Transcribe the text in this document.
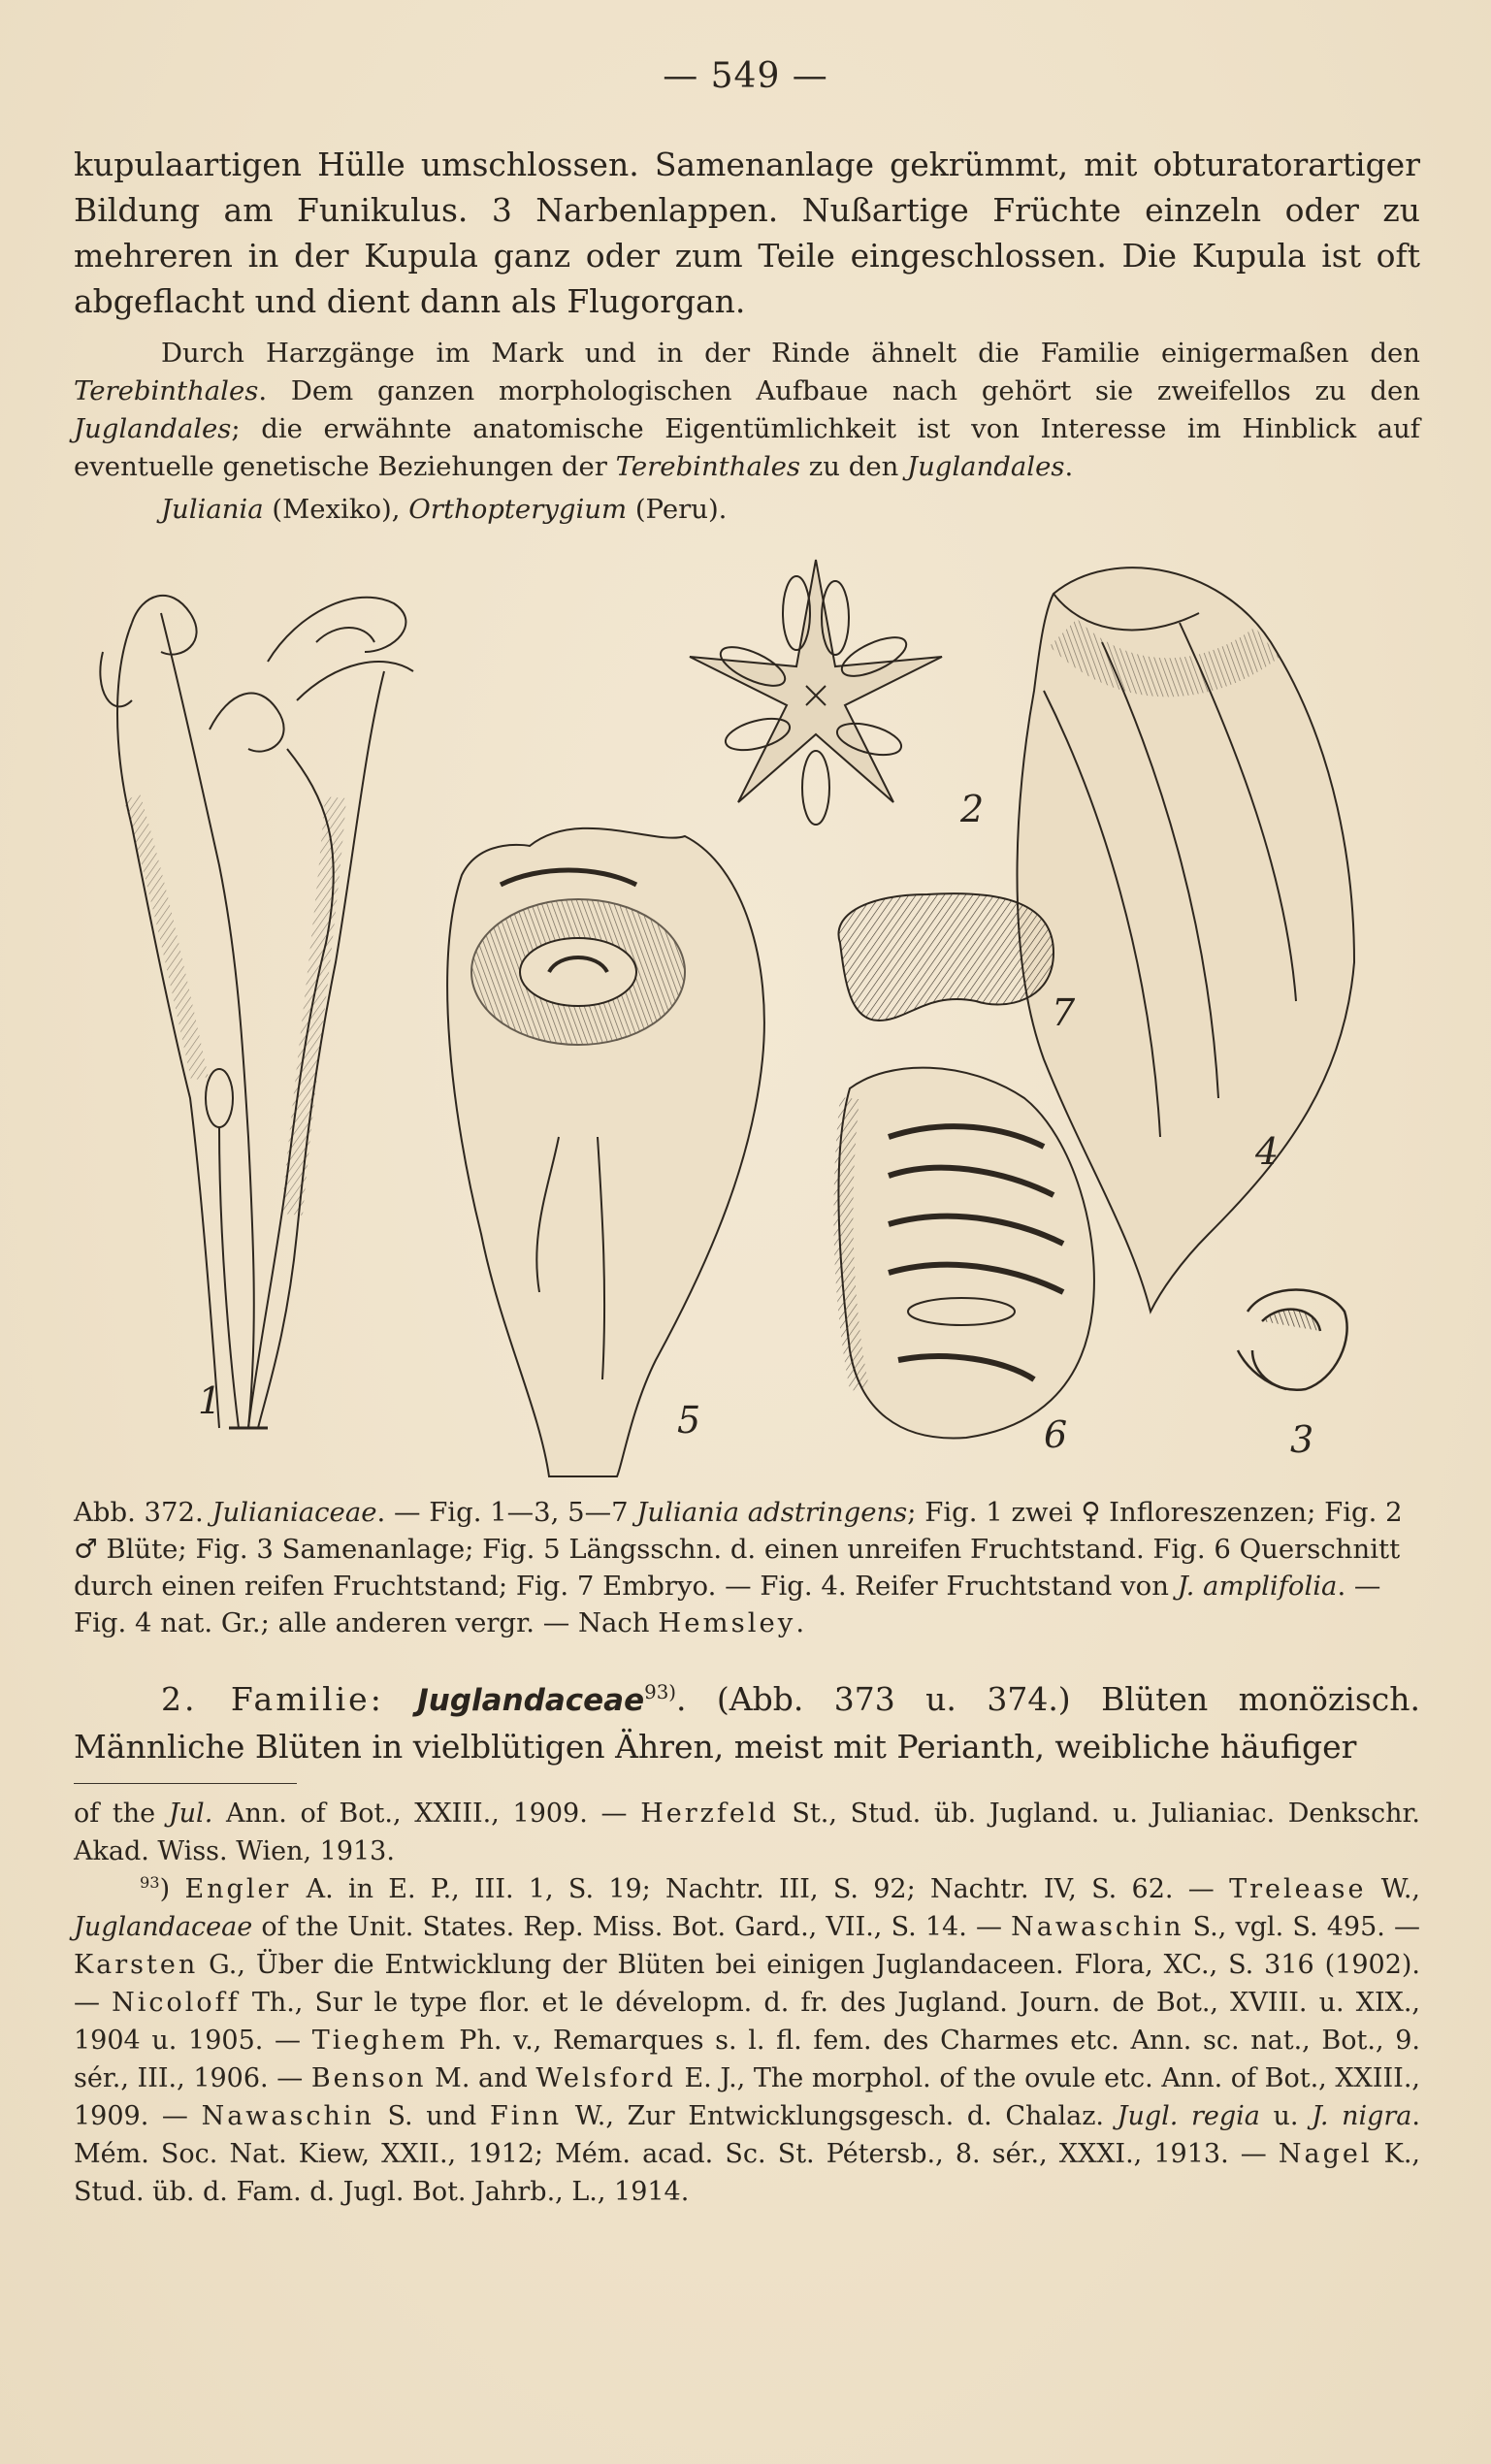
— 549 —

kupulaartigen Hülle umschlossen. Samenanlage gekrümmt, mit obturatorartiger Bildung am Funikulus. 3 Narbenlappen. Nußartige Früchte einzeln oder zu mehreren in der Kupula ganz oder zum Teile eingeschlossen. Die Kupula ist oft abgeflacht und dient dann als Flugorgan.

Durch Harzgänge im Mark und in der Rinde ähnelt die Familie einigermaßen den Terebinthales. Dem ganzen morphologischen Aufbaue nach gehört sie zweifellos zu den Juglandales; die erwähnte anatomische Eigentümlichkeit ist von Interesse im Hinblick auf eventuelle genetische Beziehungen der Terebinthales zu den Juglandales.
Juliania (Mexiko), Orthopterygium (Peru).
1
2
3
4
5	6
7

Abb. 372. Julianiaceae. — Fig. 1—3, 5—7 Juliania adstringens; Fig. 1 zwei ♀ Infloreszenzen; Fig. 2 ♂ Blüte; Fig. 3 Samenanlage; Fig. 5 Längsschn. d. einen unreifen Fruchtstand. Fig. 6 Querschnitt durch einen reifen Fruchtstand; Fig. 7 Embryo. — Fig. 4. Reifer Fruchtstand von J. amplifolia. — Fig. 4 nat. Gr.; alle anderen vergr. — Nach Hemsley.

2. Familie: Juglandaceae$^{93)}$. (Abb. 373 u. 374.) Blüten monözisch. Männliche Blüten in vielblütigen Ähren, meist mit Perianth, weibliche häufiger

of the Jul. Ann. of Bot., XXIII., 1909. — Herzfeld St., Stud. üb. Jugland. u. Julianiac. Denkschr. Akad. Wiss. Wien, 1913.

$^{93}$) Engler A. in E. P., III. 1, S. 19; Nachtr. III, S. 92; Nachtr. IV, S. 62. — Trelease W., Juglandaceae of the Unit. States. Rep. Miss. Bot. Gard., VII., S. 14. — Nawaschin S., vgl. S. 495. — Karsten G., Über die Entwicklung der Blüten bei einigen Juglandaceen. Flora, XC., S. 316 (1902). — Nicoloff Th., Sur le type flor. et le dévelopm. d. fr. des Jugland. Journ. de Bot., XVIII. u. XIX., 1904 u. 1905. — Tieghem Ph. v., Remarques s. l. fl. fem. des Charmes etc. Ann. sc. nat., Bot., 9. sér., III., 1906. — Benson M. and Welsford E. J., The morphol. of the ovule etc. Ann. of Bot., XXIII., 1909. — Nawaschin S. und Finn W., Zur Entwicklungsgesch. d. Chalaz. Jugl. regia u. J. nigra. Mém. Soc. Nat. Kiew, XXII., 1912; Mém. acad. Sc. St. Pétersb., 8. sér., XXXI., 1913. — Nagel K., Stud. üb. d. Fam. d. Jugl. Bot. Jahrb., L., 1914.
